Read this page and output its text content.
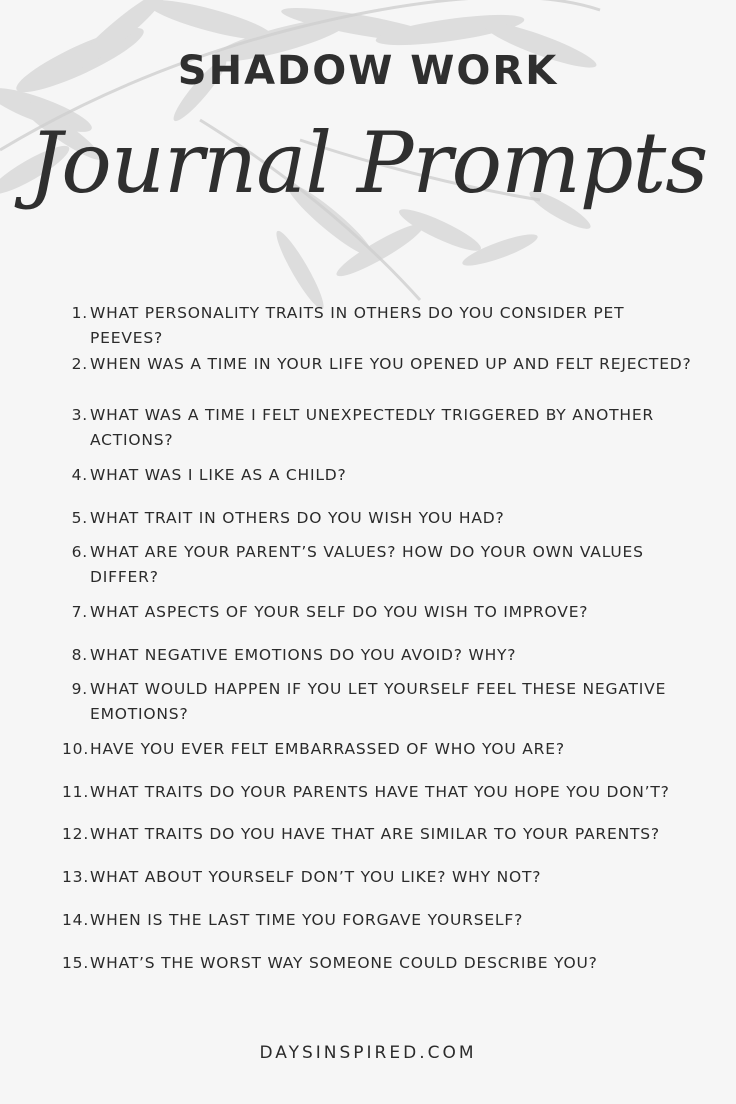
SHADOW WORK
Journal Prompts
1. WHAT PERSONALITY TRAITS IN OTHERS DO YOU CONSIDER PET PEEVES?
2. WHEN WAS A TIME IN YOUR LIFE YOU OPENED UP AND FELT REJECTED?
3. WHAT WAS A TIME I FELT UNEXPECTEDLY TRIGGERED BY ANOTHER ACTIONS?
4. WHAT WAS I LIKE AS A CHILD?
5. WHAT TRAIT IN OTHERS DO YOU WISH YOU HAD?
6. WHAT ARE YOUR PARENT’S VALUES? HOW DO YOUR OWN VALUES DIFFER?
7. WHAT ASPECTS OF YOUR SELF DO YOU WISH TO IMPROVE?
8. WHAT NEGATIVE EMOTIONS DO YOU AVOID? WHY?
9. WHAT WOULD HAPPEN IF YOU LET YOURSELF FEEL THESE NEGATIVE EMOTIONS?
10. HAVE YOU EVER FELT EMBARRASSED OF WHO YOU ARE?
11. WHAT TRAITS DO YOUR PARENTS HAVE THAT YOU HOPE YOU DON’T?
12. WHAT TRAITS DO YOU HAVE THAT ARE SIMILAR TO YOUR PARENTS?
13. WHAT ABOUT YOURSELF DON’T YOU LIKE? WHY NOT?
14. WHEN IS THE LAST TIME YOU FORGAVE YOURSELF?
15. WHAT’S THE WORST WAY SOMEONE COULD DESCRIBE YOU?
DAYSINSPIRED.COM
